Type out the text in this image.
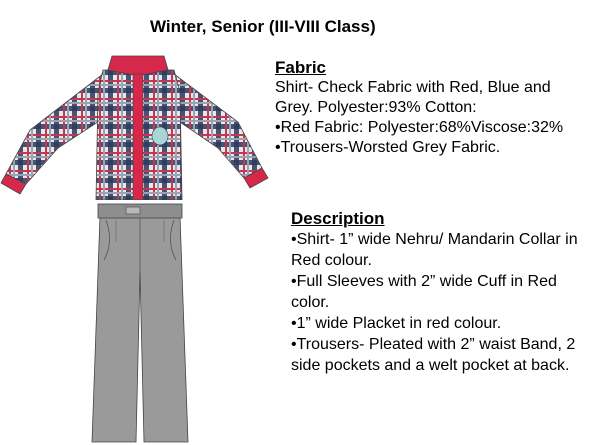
Winter, Senior (III-VIII Class)
Fabric
Shirt- Check Fabric with Red, Blue and
Grey. Polyester:93% Cotton:
•Red Fabric: Polyester:68%Viscose:32%
•Trousers-Worsted Grey Fabric.
Description
•Shirt- 1” wide Nehru/ Mandarin Collar in Red colour.
•Full Sleeves with 2” wide Cuff in Red color.
•1” wide Placket in red colour.
•Trousers- Pleated with 2” waist Band, 2 side pockets and a welt pocket at back.
